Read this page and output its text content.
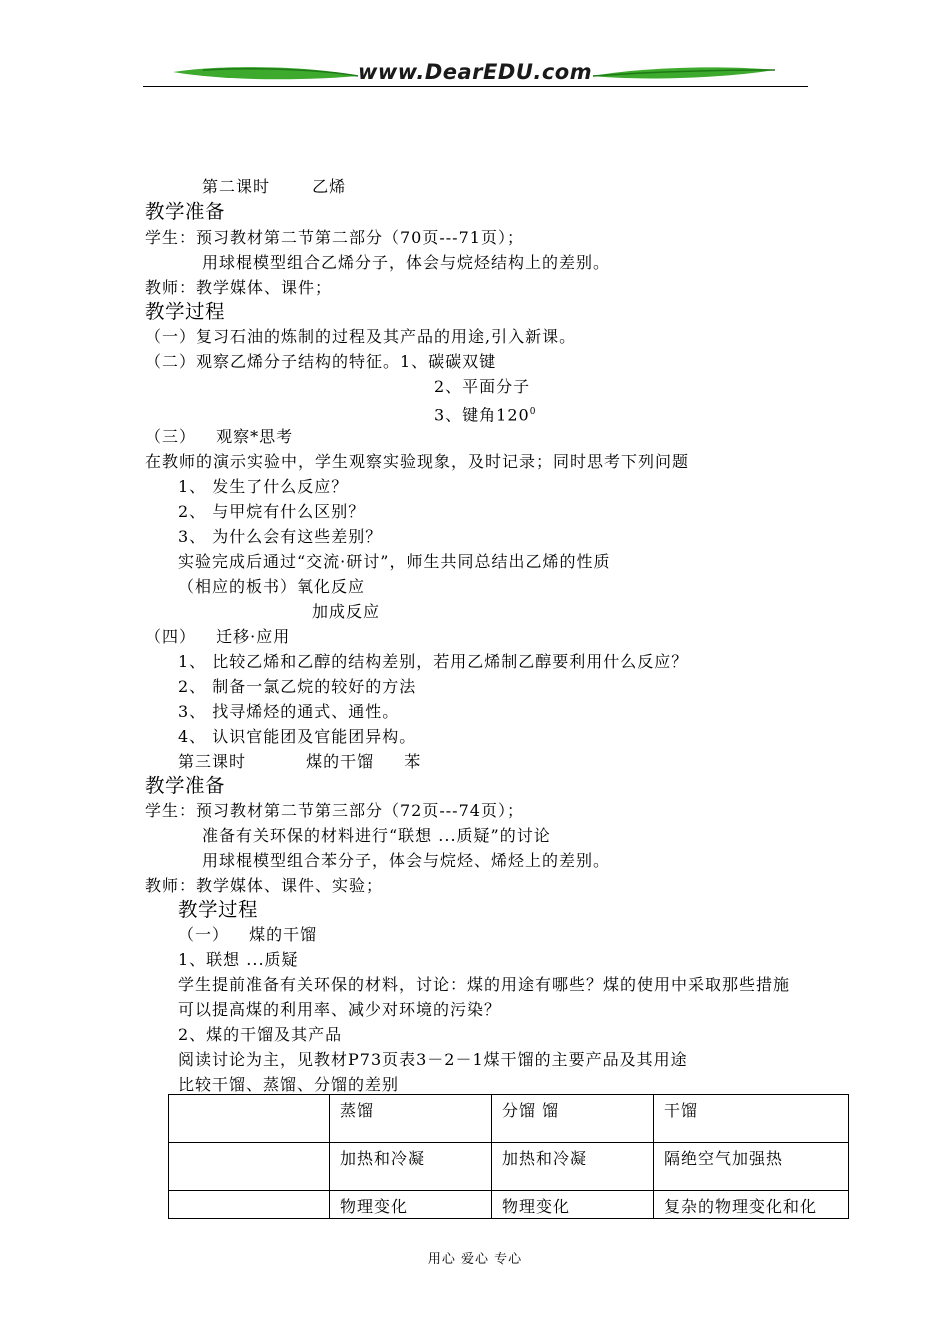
www.DearEDU.com
第二课时	乙烯
教学准备
学生：预习教材第二节第二部分（70页---71页）；
用球棍模型组合乙烯分子，体会与烷烃结构上的差别。
教师：教学媒体、课件；
教学过程
（一）复习石油的炼制的过程及其产品的用途,引入新课。
（二）观察乙烯分子结构的特征。1、碳碳双键
2、平面分子
3、键角$120^0$
（三） 观察*思考
在教师的演示实验中，学生观察实验现象，及时记录；同时思考下列问题
1、 发生了什么反应？
2、 与甲烷有什么区别？
3、 为什么会有这些差别？
实验完成后通过“交流·研讨”，师生共同总结出乙烯的性质
（相应的板书）氧化反应
加成反应
（四） 迁移·应用
1、 比较乙烯和乙醇的结构差别，若用乙烯制乙醇要利用什么反应？
2、 制备一氯乙烷的较好的方法
3、 找寻烯烃的通式、通性。
4、 认识官能团及官能团异构。
第三课时	煤的干馏 苯
教学准备
学生：预习教材第二节第三部分（72页---74页）；
准备有关环保的材料进行“联想 ...质疑”的讨论
用球棍模型组合苯分子，体会与烷烃、烯烃上的差别。
教师：教学媒体、课件、实验；
教学过程
（一） 煤的干馏
1、联想 ...质疑
学生提前准备有关环保的材料，讨论：煤的用途有哪些？煤的使用中采取那些措施
可以提高煤的利用率、减少对环境的污染？
2、煤的干馏及其产品
阅读讨论为主，见教材P73页表3－2－1煤干馏的主要产品及其用途
比较干馏、蒸馏、分馏的差别
	蒸馏	分馏 馏	干馏
	加热和冷凝	加热和冷凝	隔绝空气加强热
	物理变化	物理变化	复杂的物理变化和化
用心 爱心 专心
